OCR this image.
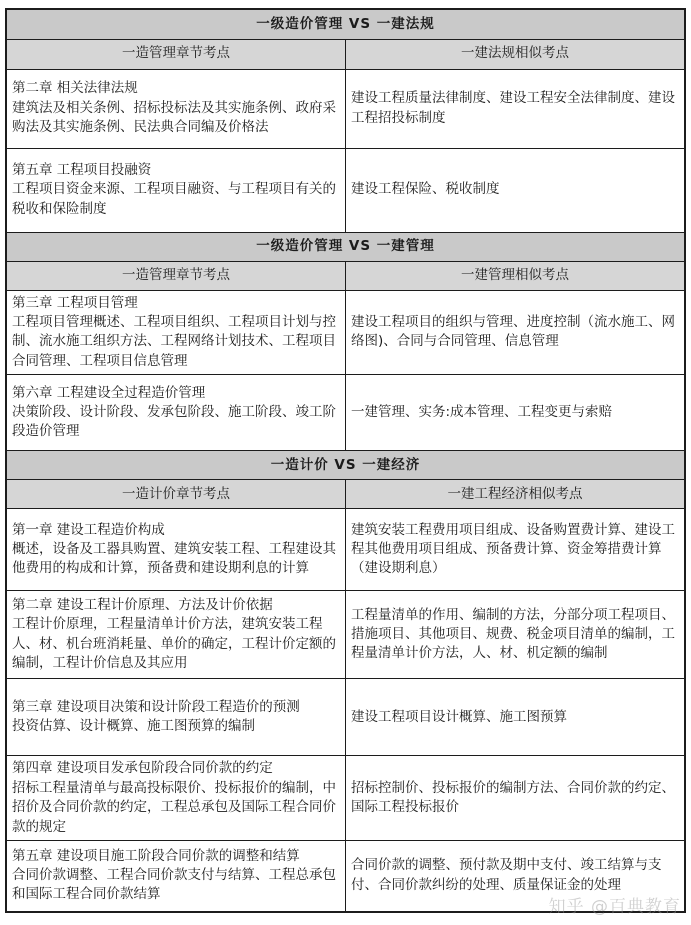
一级造价管理 VS 一建法规	
一造管理章节考点	一建法规相似考点

第二章 相关法律法规
建筑法及相关条例、招标投标法及其实施条例、政府采购法及其实施条例、民法典合同编及价格法	建设工程质量法律制度、建设工程安全法律制度、建设工程招投标制度

第五章 工程项目投融资
工程项目资金来源、工程项目融资、与工程项目有关的税收和保险制度	建设工程保险、税收制度
一级造价管理 VS 一建管理	
一造管理章节考点	一建管理相似考点

第三章 工程项目管理
工程项目管理概述、工程项目组织、工程项目计划与控制、流水施工组织方法、工程网络计划技术、工程项目合同管理、工程项目信息管理	建设工程项目的组织与管理、进度控制（流水施工、网络图)、合同与合同管理、信息管理

第六章 工程建设全过程造价管理
决策阶段、设计阶段、发承包阶段、施工阶段、竣工阶段造价管理	一建管理、实务:成本管理、工程变更与索赔
一造计价 VS 一建经济	
一造计价章节考点	一建工程经济相似考点

第一章 建设工程造价构成
概述，设备及工器具购置、建筑安装工程、工程建设其他费用的构成和计算，预备费和建设期利息的计算	建筑安装工程费用项目组成、设备购置费计算、建设工程其他费用项目组成、预备费计算、资金筹措费计算（建设期利息）

第二章 建设工程计价原理、方法及计价依据
工程计价原理，工程量清单计价方法，建筑安装工程人、材、机台班消耗量、单价的确定，工程计价定额的编制，工程计价信息及其应用	工程量清单的作用、编制的方法，分部分项工程项目、措施项目、其他项目、规费、税金项目清单的编制，工程量清单计价方法，人、材、机定额的编制

第三章 建设项目决策和设计阶段工程造价的预测
投资估算、设计概算、施工图预算的编制	建设工程项目设计概算、施工图预算

第四章 建设项目发承包阶段合同价款的约定
招标工程量清单与最高投标限价、投标报价的编制，中招价及合同价款的约定，工程总承包及国际工程合同价款的规定	招标控制价、投标报价的编制方法、合同价款的约定、国际工程投标报价

第五章 建设项目施工阶段合同价款的调整和结算
合同价款调整、工程合同价款支付与结算、工程总承包和国际工程合同价款结算	合同价款的调整、预付款及期中支付、竣工结算与支付、合同价款纠纷的处理、质量保证金的处理
知乎 @百典教育
